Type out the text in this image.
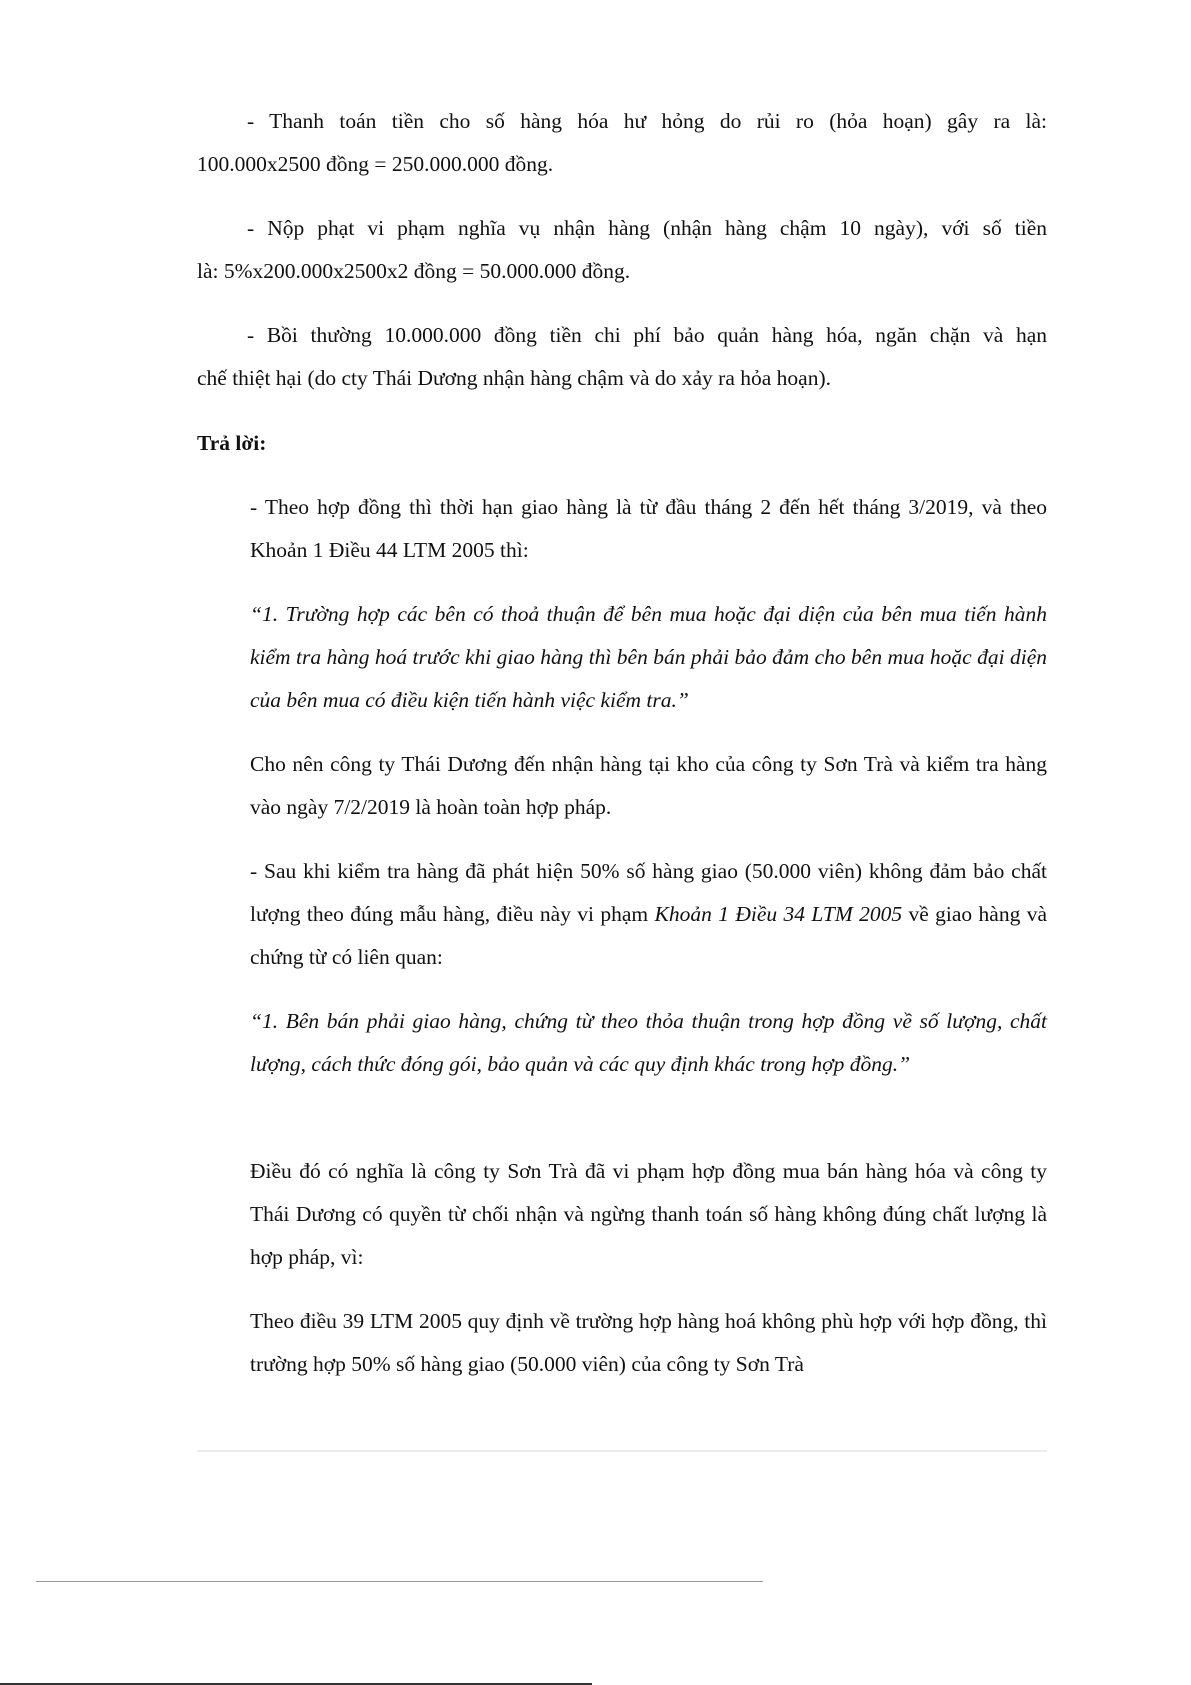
- Thanh toán tiền cho số hàng hóa hư hỏng do rủi ro (hỏa hoạn) gây ra là:

100.000x2500 đồng = 250.000.000 đồng.

- Nộp phạt vi phạm nghĩa vụ nhận hàng (nhận hàng chậm 10 ngày), với số tiền

là: 5%x200.000x2500x2 đồng = 50.000.000 đồng.

- Bồi thường 10.000.000 đồng tiền chi phí bảo quản hàng hóa, ngăn chặn và hạn

chế thiệt hại (do cty Thái Dương nhận hàng chậm và do xảy ra hỏa hoạn).

Trả lời:

- Theo hợp đồng thì thời hạn giao hàng là từ đầu tháng 2 đến hết tháng 3/2019, và theo Khoản 1 Điều 44 LTM 2005 thì:

“1. Trường hợp các bên có thoả thuận để bên mua hoặc đại diện của bên mua tiến hành kiểm tra hàng hoá trước khi giao hàng thì bên bán phải bảo đảm cho bên mua hoặc đại diện của bên mua có điều kiện tiến hành việc kiểm tra.”

Cho nên công ty Thái Dương đến nhận hàng tại kho của công ty Sơn Trà và kiểm tra hàng vào ngày 7/2/2019 là hoàn toàn hợp pháp.

- Sau khi kiểm tra hàng đã phát hiện 50% số hàng giao (50.000 viên) không đảm bảo chất lượng theo đúng mẫu hàng, điều này vi phạm Khoản 1 Điều 34 LTM 2005 về giao hàng và chứng từ có liên quan:

“1. Bên bán phải giao hàng, chứng từ theo thỏa thuận trong hợp đồng về số lượng, chất lượng, cách thức đóng gói, bảo quản và các quy định khác trong hợp đồng.”

Điều đó có nghĩa là công ty Sơn Trà đã vi phạm hợp đồng mua bán hàng hóa và công ty Thái Dương có quyền từ chối nhận và ngừng thanh toán số hàng không đúng chất lượng là hợp pháp, vì:

Theo điều 39 LTM 2005 quy định về trường hợp hàng hoá không phù hợp với hợp đồng, thì trường hợp 50% số hàng giao (50.000 viên) của công ty Sơn Trà
